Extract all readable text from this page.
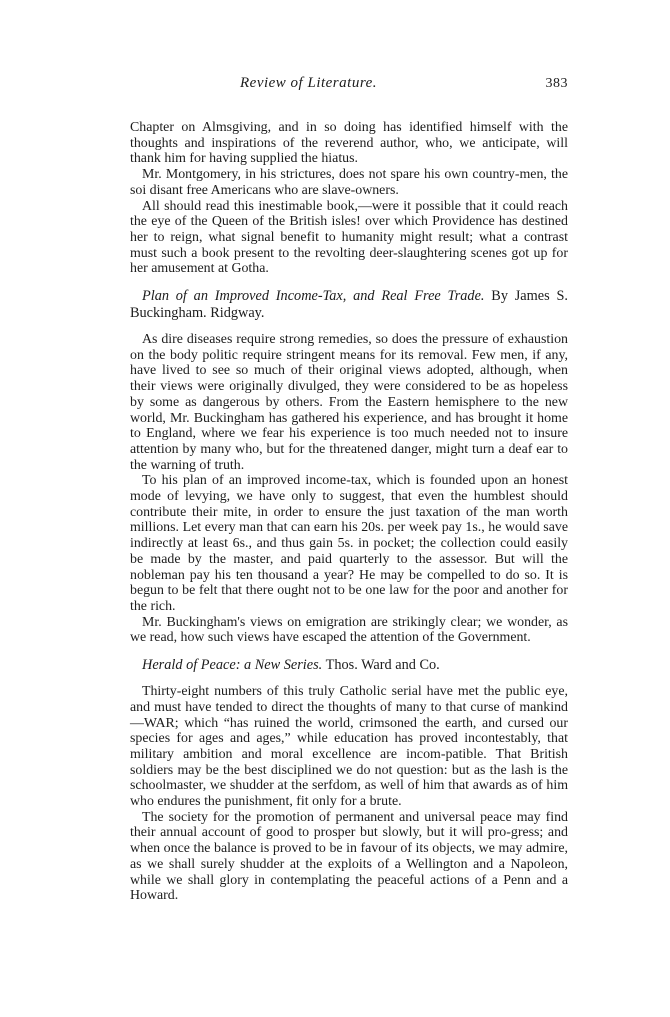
Review of Literature.	383

Chapter on Almsgiving, and in so doing has identified himself with the thoughts and inspirations of the reverend author, who, we anticipate, will thank him for having supplied the hiatus.

Mr. Montgomery, in his strictures, does not spare his own country-men, the soi disant free Americans who are slave-owners.

All should read this inestimable book,—were it possible that it could reach the eye of the Queen of the British isles! over which Providence has destined her to reign, what signal benefit to humanity might result; what a contrast must such a book present to the revolting deer-slaughtering scenes got up for her amusement at Gotha.

Plan of an Improved Income-Tax, and Real Free Trade. By James S. Buckingham. Ridgway.

As dire diseases require strong remedies, so does the pressure of exhaustion on the body politic require stringent means for its removal. Few men, if any, have lived to see so much of their original views adopted, although, when their views were originally divulged, they were considered to be as hopeless by some as dangerous by others. From the Eastern hemisphere to the new world, Mr. Buckingham has gathered his experience, and has brought it home to England, where we fear his experience is too much needed not to insure attention by many who, but for the threatened danger, might turn a deaf ear to the warning of truth.

To his plan of an improved income-tax, which is founded upon an honest mode of levying, we have only to suggest, that even the humblest should contribute their mite, in order to ensure the just taxation of the man worth millions. Let every man that can earn his 20s. per week pay 1s., he would save indirectly at least 6s., and thus gain 5s. in pocket; the collection could easily be made by the master, and paid quarterly to the assessor. But will the nobleman pay his ten thousand a year? He may be compelled to do so. It is begun to be felt that there ought not to be one law for the poor and another for the rich.

Mr. Buckingham's views on emigration are strikingly clear; we wonder, as we read, how such views have escaped the attention of the Government.

Herald of Peace: a New Series. Thos. Ward and Co.

Thirty-eight numbers of this truly Catholic serial have met the public eye, and must have tended to direct the thoughts of many to that curse of mankind—WAR; which “has ruined the world, crimsoned the earth, and cursed our species for ages and ages,” while education has proved incontestably, that military ambition and moral excellence are incom-patible. That British soldiers may be the best disciplined we do not question: but as the lash is the schoolmaster, we shudder at the serfdom, as well of him that awards as of him who endures the punishment, fit only for a brute.

The society for the promotion of permanent and universal peace may find their annual account of good to prosper but slowly, but it will pro-gress; and when once the balance is proved to be in favour of its objects, we may admire, as we shall surely shudder at the exploits of a Wellington and a Napoleon, while we shall glory in contemplating the peaceful actions of a Penn and a Howard.
